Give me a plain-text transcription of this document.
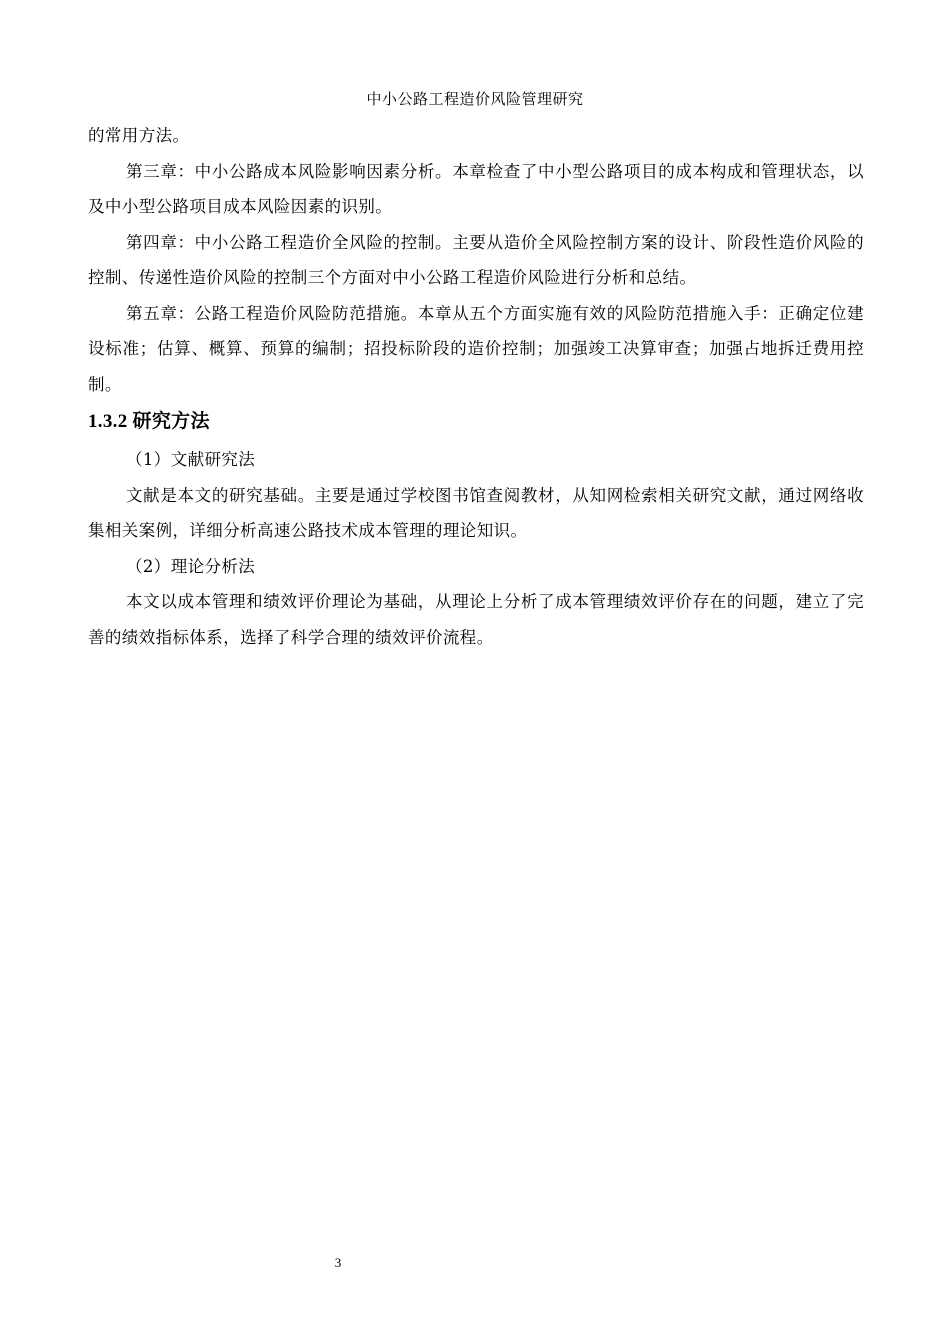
中小公路工程造价风险管理研究

的常用方法。

第三章：中小公路成本风险影响因素分析。本章检查了中小型公路项目的成本构成和管理状态，以及中小型公路项目成本风险因素的识别。

第四章：中小公路工程造价全风险的控制。主要从造价全风险控制方案的设计、阶段性造价风险的控制、传递性造价风险的控制三个方面对中小公路工程造价风险进行分析和总结。

第五章：公路工程造价风险防范措施。本章从五个方面实施有效的风险防范措施入手：正确定位建设标准；估算、概算、预算的编制；招投标阶段的造价控制；加强竣工决算审查；加强占地拆迁费用控制。

1.3.2 研究方法

（1）文献研究法

文献是本文的研究基础。主要是通过学校图书馆查阅教材，从知网检索相关研究文献，通过网络收集相关案例，详细分析高速公路技术成本管理的理论知识。

（2）理论分析法

本文以成本管理和绩效评价理论为基础，从理论上分析了成本管理绩效评价存在的问题，建立了完善的绩效指标体系，选择了科学合理的绩效评价流程。

3
